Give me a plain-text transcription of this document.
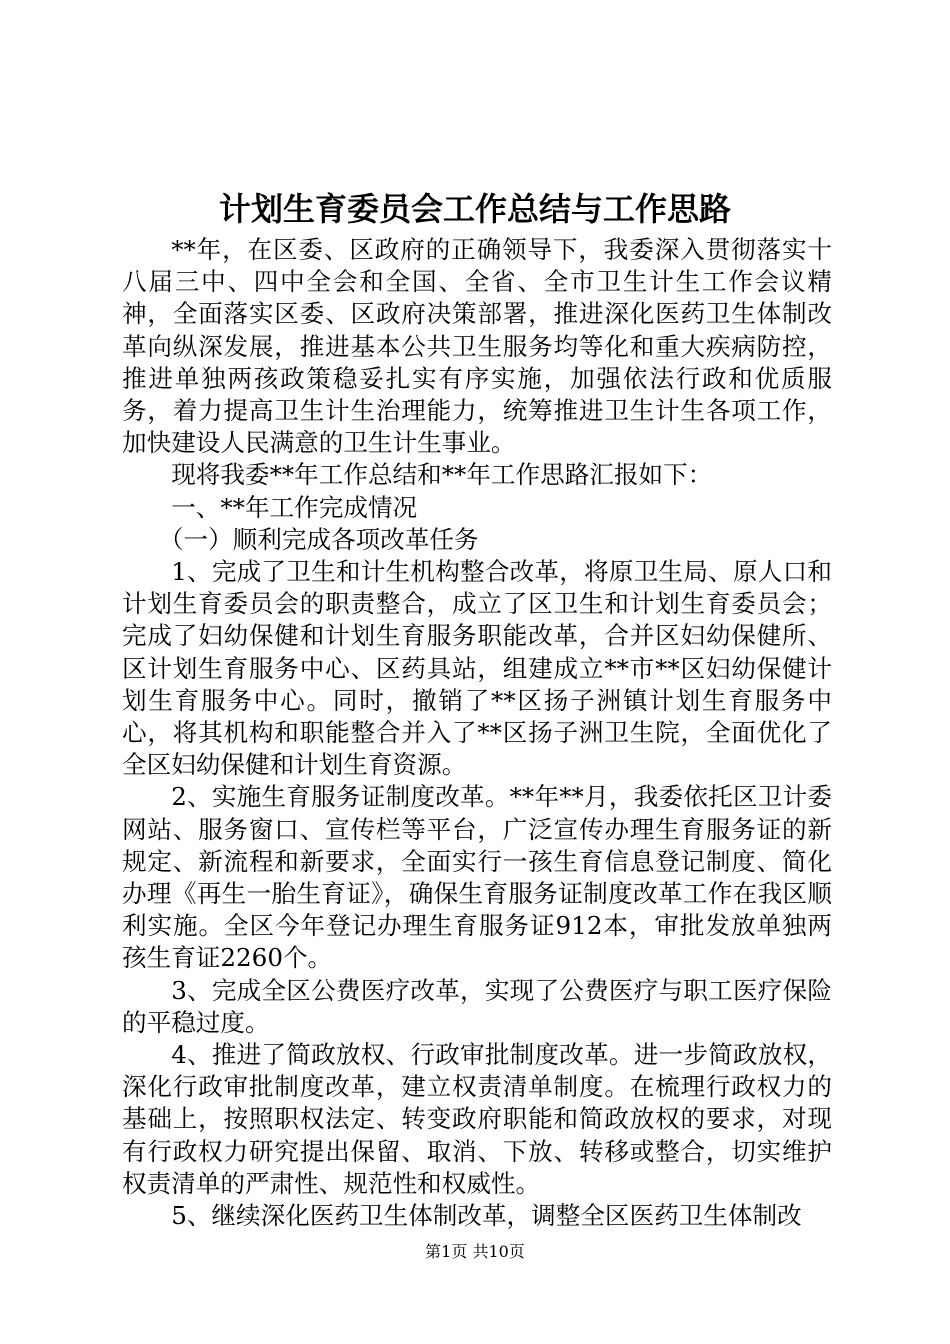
计划生育委员会工作总结与工作思路

**年，在区委、区政府的正确领导下，我委深入贯彻落实十八届三中、四中全会和全国、全省、全市卫生计生工作会议精神，全面落实区委、区政府决策部署，推进深化医药卫生体制改革向纵深发展，推进基本公共卫生服务均等化和重大疾病防控，推进单独两孩政策稳妥扎实有序实施，加强依法行政和优质服务，着力提高卫生计生治理能力，统筹推进卫生计生各项工作，加快建设人民满意的卫生计生事业。

现将我委**年工作总结和**年工作思路汇报如下：

一、**年工作完成情况

（一）顺利完成各项改革任务

1、完成了卫生和计生机构整合改革，将原卫生局、原人口和计划生育委员会的职责整合，成立了区卫生和计划生育委员会；完成了妇幼保健和计划生育服务职能改革，合并区妇幼保健所、区计划生育服务中心、区药具站，组建成立**市**区妇幼保健计划生育服务中心。同时，撤销了**区扬子洲镇计划生育服务中心，将其机构和职能整合并入了**区扬子洲卫生院，全面优化了全区妇幼保健和计划生育资源。

2、实施生育服务证制度改革。**年**月，我委依托区卫计委网站、服务窗口、宣传栏等平台，广泛宣传办理生育服务证的新规定、新流程和新要求，全面实行一孩生育信息登记制度、简化办理《再生一胎生育证》，确保生育服务证制度改革工作在我区顺利实施。全区今年登记办理生育服务证912本，审批发放单独两孩生育证2260个。

3、完成全区公费医疗改革，实现了公费医疗与职工医疗保险的平稳过度。

4、推进了简政放权、行政审批制度改革。进一步简政放权，深化行政审批制度改革，建立权责清单制度。在梳理行政权力的基础上，按照职权法定、转变政府职能和简政放权的要求，对现有行政权力研究提出保留、取消、下放、转移或整合，切实维护权责清单的严肃性、规范性和权威性。

5、继续深化医药卫生体制改革，调整全区医药卫生体制改

第1页 共10页
